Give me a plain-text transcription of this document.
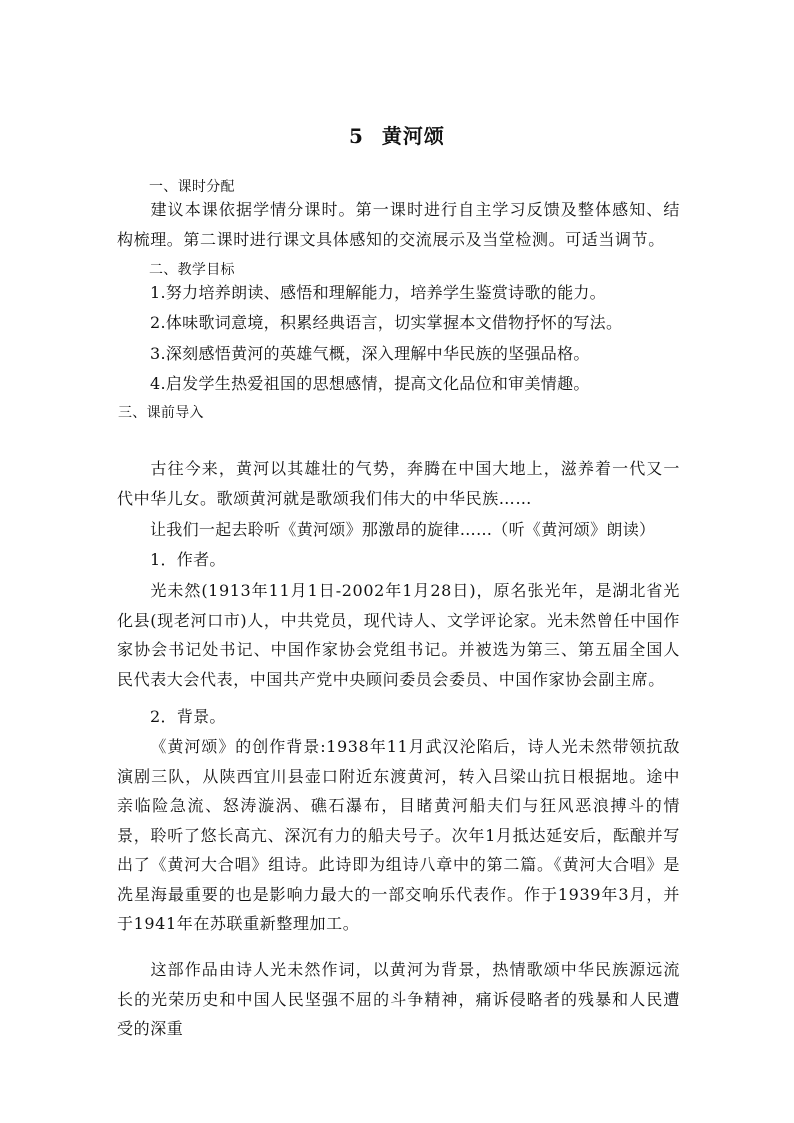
5 黄河颂
一、课时分配
建议本课依据学情分课时。第一课时进行自主学习反馈及整体感知、结构梳理。第二课时进行课文具体感知的交流展示及当堂检测。可适当调节。
二、教学目标
1.努力培养朗读、感悟和理解能力，培养学生鉴赏诗歌的能力。
2.体味歌词意境，积累经典语言，切实掌握本文借物抒怀的写法。
3.深刻感悟黄河的英雄气概，深入理解中华民族的坚强品格。
4.启发学生热爱祖国的思想感情，提高文化品位和审美情趣。
三、课前导入
古往今来，黄河以其雄壮的气势，奔腾在中国大地上，滋养着一代又一代中华儿女。歌颂黄河就是歌颂我们伟大的中华民族……
让我们一起去聆听《黄河颂》那激昂的旋律……（听《黄河颂》朗读）
1．作者。
光未然(1913年11月1日-2002年1月28日)，原名张光年，是湖北省光化县(现老河口市)人，中共党员，现代诗人、文学评论家。光未然曾任中国作家协会书记处书记、中国作家协会党组书记。并被选为第三、第五届全国人民代表大会代表，中国共产党中央顾问委员会委员、中国作家协会副主席。
2．背景。
《黄河颂》的创作背景:1938年11月武汉沦陷后，诗人光未然带领抗敌演剧三队，从陕西宜川县壶口附近东渡黄河，转入吕梁山抗日根据地。途中亲临险急流、怒涛漩涡、礁石瀑布，目睹黄河船夫们与狂风恶浪搏斗的情景，聆听了悠长高亢、深沉有力的船夫号子。次年1月抵达延安后，酝酿并写出了《黄河大合唱》组诗。此诗即为组诗八章中的第二篇。《黄河大合唱》是冼星海最重要的也是影响力最大的一部交响乐代表作。作于1939年3月，并于1941年在苏联重新整理加工。
这部作品由诗人光未然作词，以黄河为背景，热情歌颂中华民族源远流长的光荣历史和中国人民坚强不屈的斗争精神，痛诉侵略者的残暴和人民遭受的深重
